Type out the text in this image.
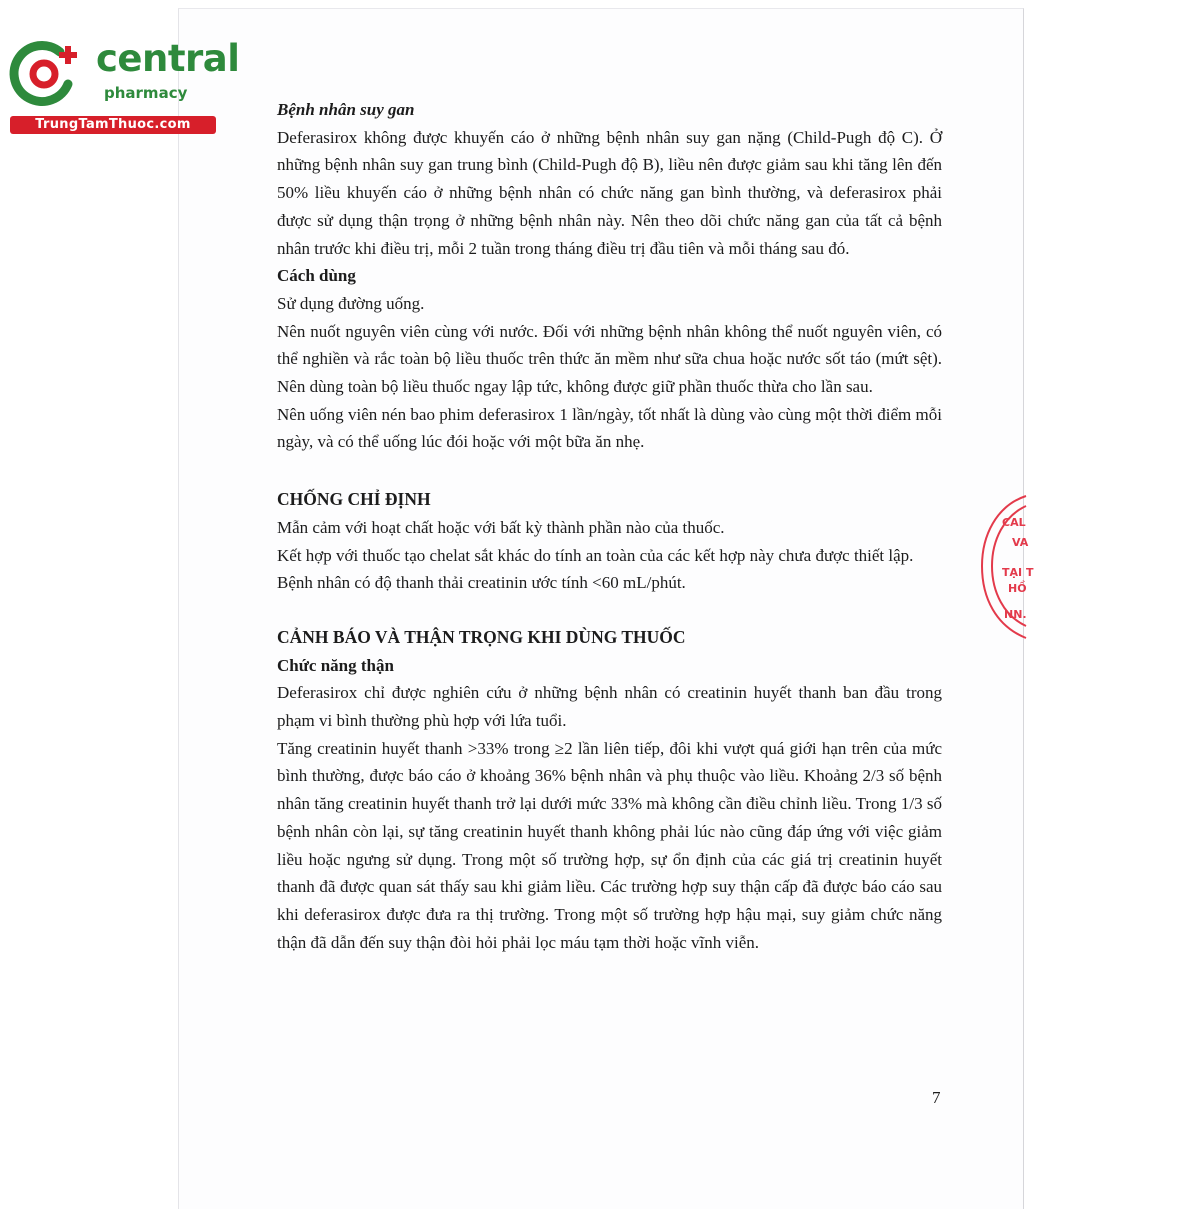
central
pharmacy
TrungTamThuoc.com

Bệnh nhân suy gan

Deferasirox không được khuyến cáo ở những bệnh nhân suy gan nặng (Child-Pugh độ C). Ở những bệnh nhân suy gan trung bình (Child-Pugh độ B), liều nên được giảm sau khi tăng lên đến 50% liều khuyến cáo ở những bệnh nhân có chức năng gan bình thường, và deferasirox phải được sử dụng thận trọng ở những bệnh nhân này. Nên theo dõi chức năng gan của tất cả bệnh nhân trước khi điều trị, mỗi 2 tuần trong tháng điều trị đầu tiên và mỗi tháng sau đó.

Cách dùng

Sử dụng đường uống.

Nên nuốt nguyên viên cùng với nước. Đối với những bệnh nhân không thể nuốt nguyên viên, có thể nghiền và rắc toàn bộ liều thuốc trên thức ăn mềm như sữa chua hoặc nước sốt táo (mứt sệt). Nên dùng toàn bộ liều thuốc ngay lập tức, không được giữ phần thuốc thừa cho lần sau.

Nên uống viên nén bao phim deferasirox 1 lần/ngày, tốt nhất là dùng vào cùng một thời điểm mỗi ngày, và có thể uống lúc đói hoặc với một bữa ăn nhẹ.

CHỐNG CHỈ ĐỊNH

Mẫn cảm với hoạt chất hoặc với bất kỳ thành phần nào của thuốc.

Kết hợp với thuốc tạo chelat sắt khác do tính an toàn của các kết hợp này chưa được thiết lập.

Bệnh nhân có độ thanh thải creatinin ước tính <60 mL/phút.

CẢNH BÁO VÀ THẬN TRỌNG KHI DÙNG THUỐC

Chức năng thận

Deferasirox chỉ được nghiên cứu ở những bệnh nhân có creatinin huyết thanh ban đầu trong phạm vi bình thường phù hợp với lứa tuổi.

Tăng creatinin huyết thanh >33% trong ≥2 lần liên tiếp, đôi khi vượt quá giới hạn trên của mức bình thường, được báo cáo ở khoảng 36% bệnh nhân và phụ thuộc vào liều. Khoảng 2/3 số bệnh nhân tăng creatinin huyết thanh trở lại dưới mức 33% mà không cần điều chỉnh liều. Trong 1/3 số bệnh nhân còn lại, sự tăng creatinin huyết thanh không phải lúc nào cũng đáp ứng với việc giảm liều hoặc ngưng sử dụng. Trong một số trường hợp, sự ổn định của các giá trị creatinin huyết thanh đã được quan sát thấy sau khi giảm liều. Các trường hợp suy thận cấp đã được báo cáo sau khi deferasirox được đưa ra thị trường. Trong một số trường hợp hậu mại, suy giảm chức năng thận đã dẫn đến suy thận đòi hỏi phải lọc máu tạm thời hoặc vĩnh viễn.

7
CAL
VA
TẠI T
HỒ
NN.
